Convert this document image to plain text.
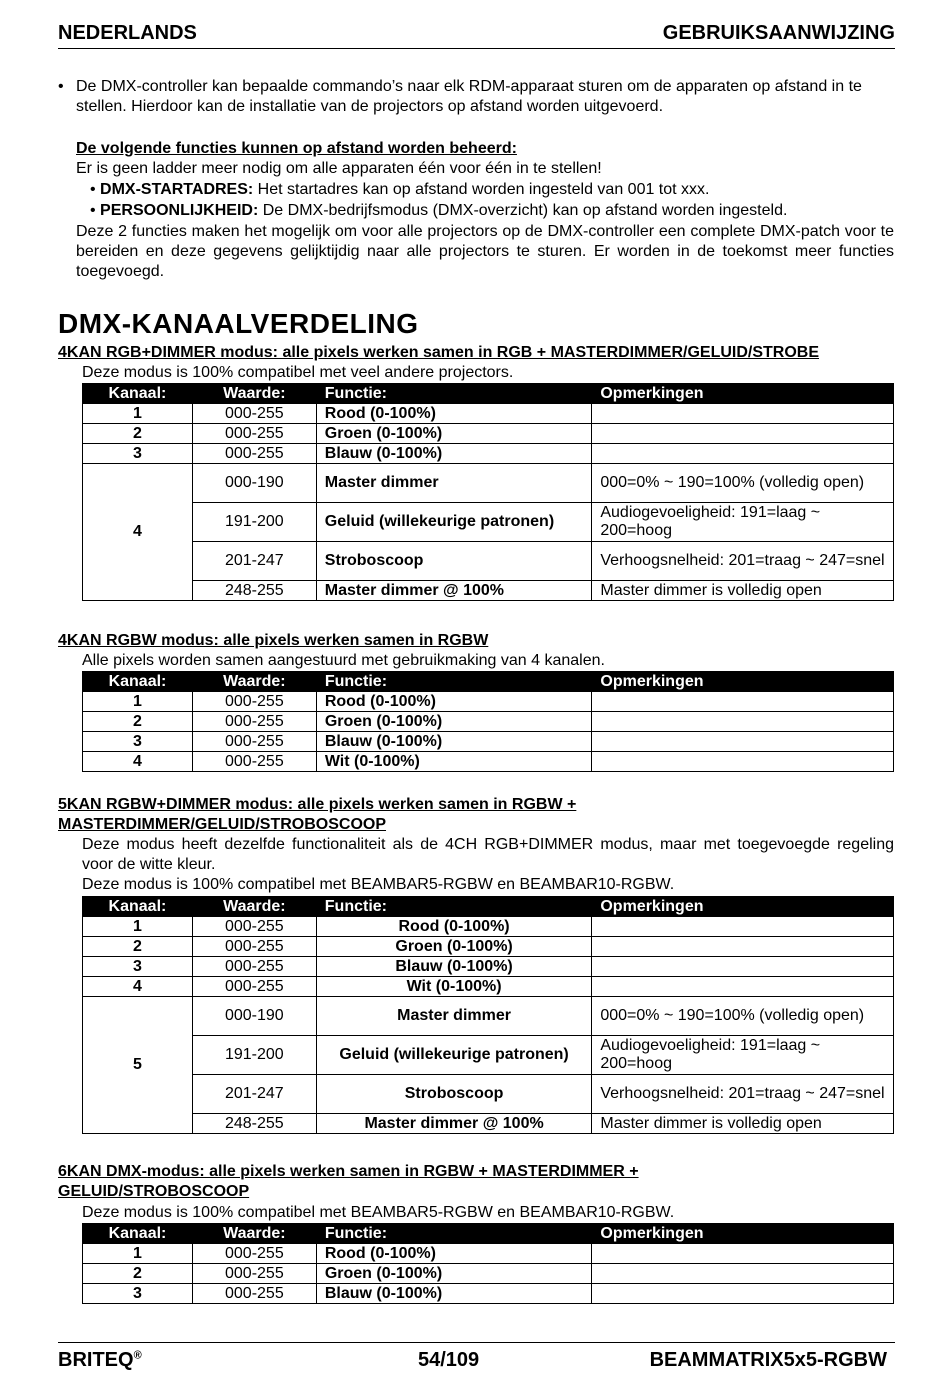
NEDERLANDS	GEBRUIKSAANWIJZING
• De DMX-controller kan bepaalde commando’s naar elk RDM-apparaat sturen om de apparaten op afstand in te stellen. Hierdoor kan de installatie van de projectors op afstand worden uitgevoerd.
De volgende functies kunnen op afstand worden beheerd:
Er is geen ladder meer nodig om alle apparaten één voor één in te stellen!
• DMX-STARTADRES: Het startadres kan op afstand worden ingesteld van 001 tot xxx.
• PERSOONLIJKHEID: De DMX-bedrijfsmodus (DMX-overzicht) kan op afstand worden ingesteld.
Deze 2 functies maken het mogelijk om voor alle projectors op de DMX-controller een complete DMX-patch voor te bereiden en deze gegevens gelijktijdig naar alle projectors te sturen. Er worden in de toekomst meer functies toegevoegd.
DMX-KANAALVERDELING
4KAN RGB+DIMMER modus: alle pixels werken samen in RGB + MASTERDIMMER/GELUID/STROBE
Deze modus is 100% compatibel met veel andere projectors.
Kanaal:	Waarde:	Functie:	Opmerkingen
1	000-255	Rood (0-100%)	
2	000-255	Groen (0-100%)	
3	000-255	Blauw (0-100%)	
4	000-190	Master dimmer	000=0% ~ 190=100% (volledig open)
	191-200	Geluid (willekeurige patronen)	Audiogevoeligheid: 191=laag ~ 200=hoog
	201-247	Stroboscoop	Verhoogsnelheid: 201=traag ~ 247=snel
	248-255	Master dimmer @ 100%	Master dimmer is volledig open
4KAN RGBW modus: alle pixels werken samen in RGBW
Alle pixels worden samen aangestuurd met gebruikmaking van 4 kanalen.
Kanaal:	Waarde:	Functie:	Opmerkingen
1	000-255	Rood (0-100%)	
2	000-255	Groen (0-100%)	
3	000-255	Blauw (0-100%)	
4	000-255	Wit (0-100%)	
5KAN RGBW+DIMMER modus: alle pixels werken samen in RGBW +
MASTERDIMMER/GELUID/STROBOSCOOP
Deze modus heeft dezelfde functionaliteit als de 4CH RGB+DIMMER modus, maar met toegevoegde regeling voor de witte kleur.
Deze modus is 100% compatibel met BEAMBAR5-RGBW en BEAMBAR10-RGBW.
Kanaal:	Waarde:	Functie:	Opmerkingen
1	000-255	Rood (0-100%)	
2	000-255	Groen (0-100%)	
3	000-255	Blauw (0-100%)	
4	000-255	Wit (0-100%)	
5	000-190	Master dimmer	000=0% ~ 190=100% (volledig open)
	191-200	Geluid (willekeurige patronen)	Audiogevoeligheid: 191=laag ~ 200=hoog
	201-247	Stroboscoop	Verhoogsnelheid: 201=traag ~ 247=snel
	248-255	Master dimmer @ 100%	Master dimmer is volledig open
6KAN DMX-modus: alle pixels werken samen in RGBW + MASTERDIMMER +
GELUID/STROBOSCOOP
Deze modus is 100% compatibel met BEAMBAR5-RGBW en BEAMBAR10-RGBW.
Kanaal:	Waarde:	Functie:	Opmerkingen
1	000-255	Rood (0-100%)	
2	000-255	Groen (0-100%)	
3	000-255	Blauw (0-100%)	
BRITEQ®	54/109	BEAMMATRIX5x5-RGBW
